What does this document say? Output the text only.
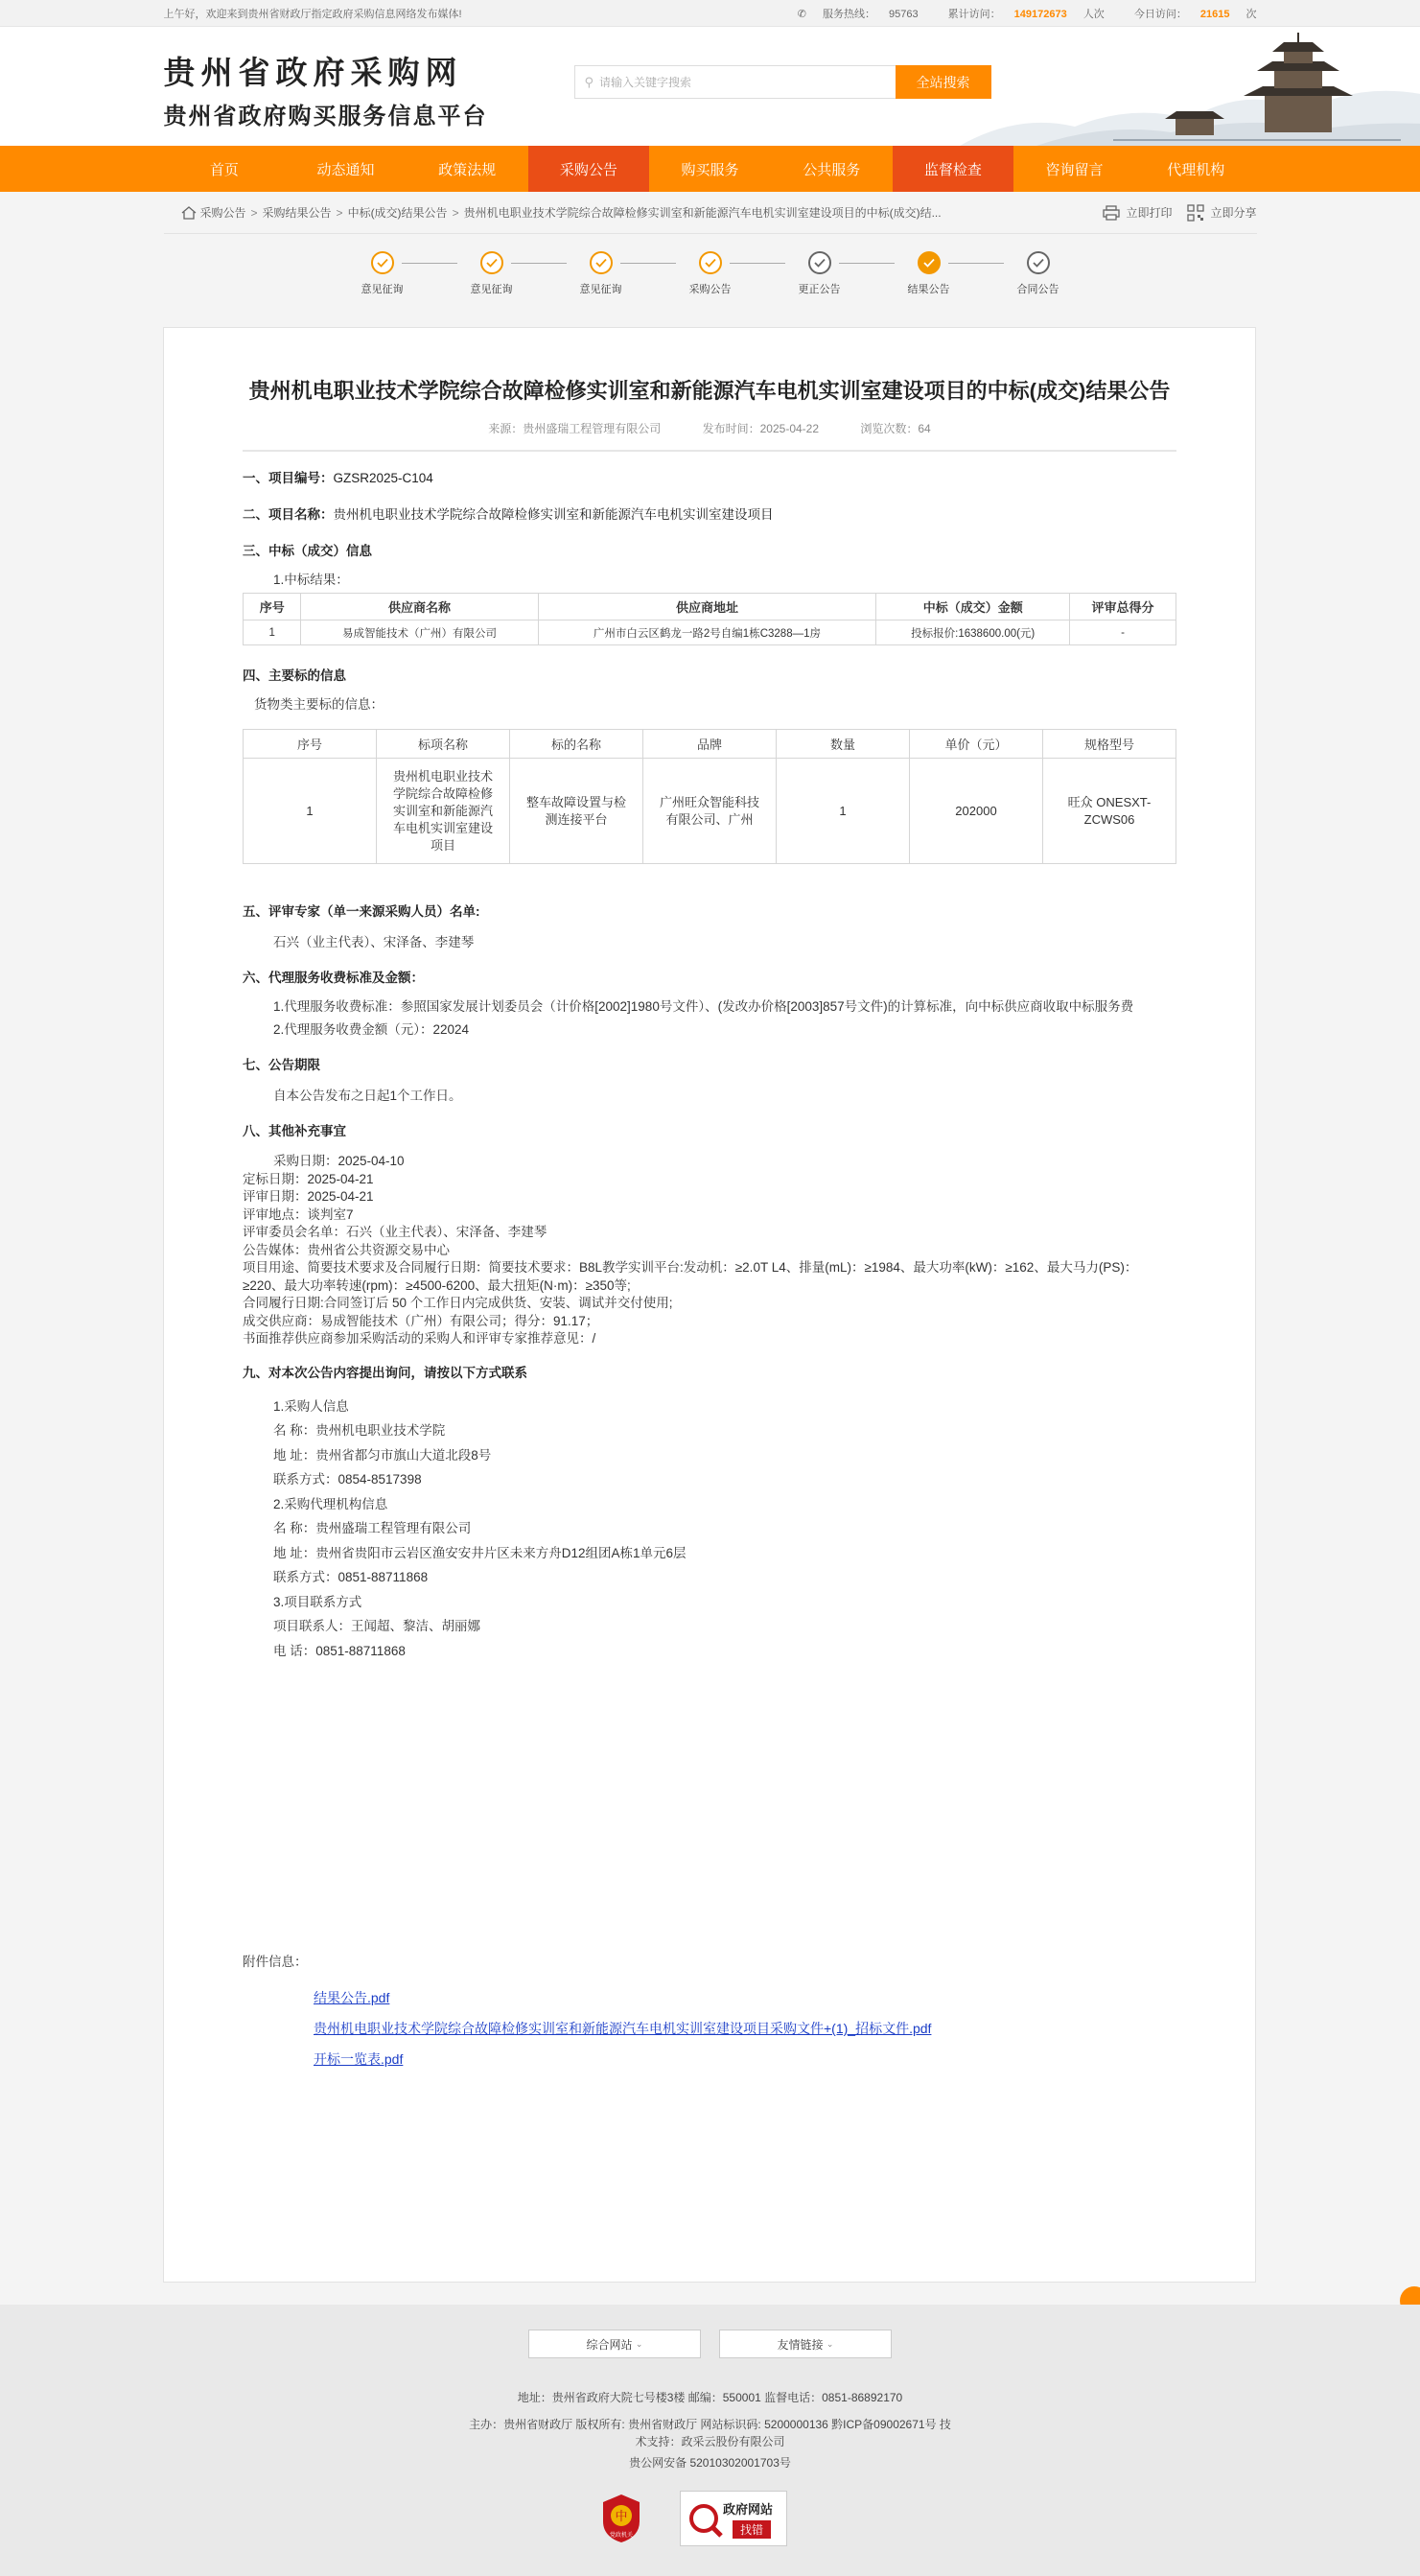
上午好，欢迎来到贵州省财政厅指定政府采购信息网络发布媒体!	✆ 服务热线： 95763	累计访问： 149172673 人次	今日访问： 21615 次
贵州省政府采购网
贵州省政府购买服务信息平台
⚲ 请输入关键字搜索	全站搜索
首页	动态通知	政策法规	采购公告	购买服务	公共服务	监督检查	咨询留言	代理机构
采购公告 > 采购结果公告 > 中标(成交)结果公告 > 贵州机电职业技术学院综合故障检修实训室和新能源汽车电机实训室建设项目的中标(成交)结...	立即打印	立即分享
意见征询	意见征询	意见征询	采购公告	更正公告	结果公告	合同公告
贵州机电职业技术学院综合故障检修实训室和新能源汽车电机实训室建设项目的中标(成交)结果公告
来源：贵州盛瑞工程管理有限公司	发布时间：2025-04-22	浏览次数：64
一、项目编号：GZSR2025-C104
二、项目名称：贵州机电职业技术学院综合故障检修实训室和新能源汽车电机实训室建设项目
三、中标（成交）信息
1.中标结果：
序号	供应商名称	供应商地址	中标（成交）金额	评审总得分
1	易成智能技术（广州）有限公司	广州市白云区鹤龙一路2号自编1栋C3288—1房	投标报价:1638600.00(元)	-
四、主要标的信息
货物类主要标的信息：
序号	标项名称	标的名称	品牌	数量	单价（元）	规格型号
1	贵州机电职业技术学院综合故障检修实训室和新能源汽车电机实训室建设项目	整车故障设置与检测连接平台	广州旺众智能科技有限公司、广州	1	202000	旺众 ONESXT-ZCWS06
五、评审专家（单一来源采购人员）名单:
石兴（业主代表）、宋泽备、李建琴
六、代理服务收费标准及金额：
1.代理服务收费标准：参照国家发展计划委员会（计价格[2002]1980号文件）、(发改办价格[2003]857号文件)的计算标准，向中标供应商收取中标服务费
2.代理服务收费金额（元）：22024
七、公告期限
自本公告发布之日起1个工作日。
八、其他补充事宜
采购日期：2025-04-10
定标日期：2025-04-21
评审日期：2025-04-21
评审地点：谈判室7
评审委员会名单：石兴（业主代表）、宋泽备、李建琴
公告媒体：贵州省公共资源交易中心
项目用途、简要技术要求及合同履行日期：简要技术要求：B8L教学实训平台:发动机：≥2.0T L4、排量(mL)：≥1984、最大功率(kW)：≥162、最大马力(PS)：≥220、最大功率转速(rpm)：≥4500-6200、最大扭矩(N·m)：≥350等;
合同履行日期:合同签订后 50 个工作日内完成供货、安装、调试并交付使用;
成交供应商：易成智能技术（广州）有限公司；得分：91.17；
书面推荐供应商参加采购活动的采购人和评审专家推荐意见：/
九、对本次公告内容提出询问，请按以下方式联系
1.采购人信息
名 称：贵州机电职业技术学院
地 址：贵州省都匀市旗山大道北段8号
联系方式：0854-8517398
2.采购代理机构信息
名 称：贵州盛瑞工程管理有限公司
地 址：贵州省贵阳市云岩区渔安安井片区未来方舟D12组团A栋1单元6层
联系方式：0851-88711868
3.项目联系方式
项目联系人：王闻超、黎洁、胡丽娜
电 话：0851-88711868
附件信息：
结果公告.pdf
贵州机电职业技术学院综合故障检修实训室和新能源汽车电机实训室建设项目采购文件+(1)_招标文件.pdf
开标一览表.pdf
综合网站
⌄	友情链接
⌄
地址：贵州省政府大院七号楼3楼 邮编：550001 监督电话：0851-86892170
主办：贵州省财政厅 版权所有: 贵州省财政厅 网站标识码: 5200000136 黔ICP备09002671号 技
术支持：政采云股份有限公司
贵公网安备 52010302001703号
中
党政机关
政府网站
找错
